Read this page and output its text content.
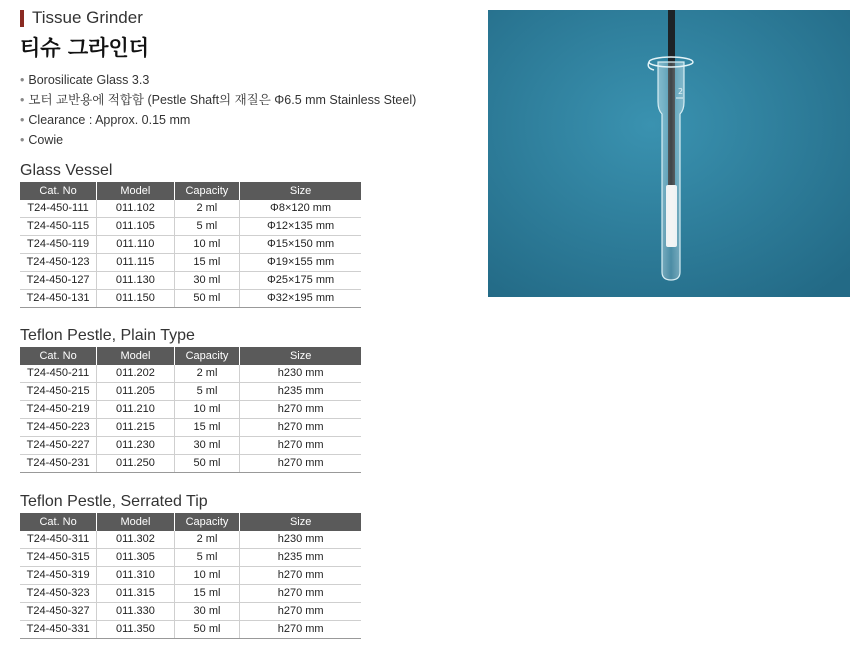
Tissue Grinder
티슈 그라인더
• Borosilicate Glass 3.3
• 모터 교반용에 적합함 (Pestle Shaft의 재질은 Φ6.5 mm Stainless Steel)
• Clearance : Approx. 0.15 mm
• Cowie
Glass Vessel
Cat. No	Model	Capacity	Size
T24-450-111	011.102	2 ml	Φ8×120 mm
T24-450-115	011.105	5 ml	Φ12×135 mm
T24-450-119	011.110	10 ml	Φ15×150 mm
T24-450-123	011.115	15 ml	Φ19×155 mm
T24-450-127	011.130	30 ml	Φ25×175 mm
T24-450-131	011.150	50 ml	Φ32×195 mm
Teflon Pestle, Plain Type
Cat. No	Model	Capacity	Size
T24-450-211	011.202	2 ml	h230 mm
T24-450-215	011.205	5 ml	h235 mm
T24-450-219	011.210	10 ml	h270 mm
T24-450-223	011.215	15 ml	h270 mm
T24-450-227	011.230	30 ml	h270 mm
T24-450-231	011.250	50 ml	h270 mm
Teflon Pestle, Serrated Tip
Cat. No	Model	Capacity	Size
T24-450-311	011.302	2 ml	h230 mm
T24-450-315	011.305	5 ml	h235 mm
T24-450-319	011.310	10 ml	h270 mm
T24-450-323	011.315	15 ml	h270 mm
T24-450-327	011.330	30 ml	h270 mm
T24-450-331	011.350	50 ml	h270 mm
2
